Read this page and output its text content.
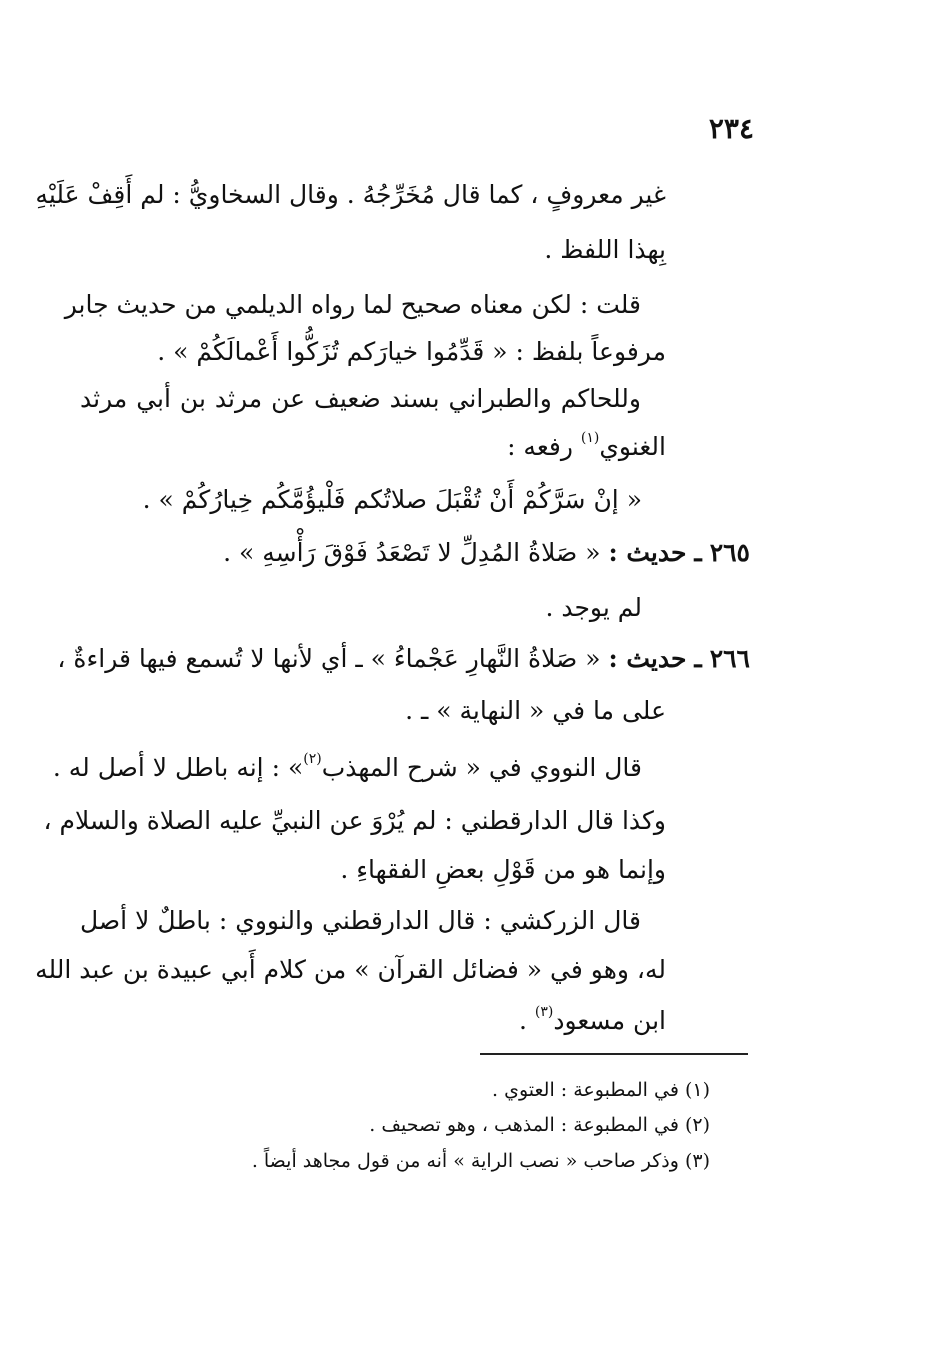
٢٣٤
غير معروفٍ ، كما قال مُخَرِّجُهُ . وقال السخاويُّ : لم أَقِفْ عَلَيْهِ
بِهذا اللفظ .
قلت : لكن معناه صحيح لما رواه الديلمي من حديث جابر
مرفوعاً بلفظ : « قَدِّمُوا خيارَكم تُزَكُّوا أَعْمالَكُمْ » .
وللحاكم والطبراني بسند ضعيف عن مرثد بن أبي مرثد
الغنوي$^{(١)}$ رفعه :
« إنْ سَرَّكُمْ أَنْ تُقْبَلَ صلاتُكم فَلْيؤُمَّكُم خِيارُكُمْ » .
٢٦٥ ـ حديث : « صَلاةُ المُدِلِّ لا تَصْعَدُ فَوْقَ رَأْسِهِ » .
لم يوجد .
٢٦٦ ـ حديث : « صَلاةُ النَّهارِ عَجْماءُ » ـ أي لأنها لا تُسمع فيها قراءةٌ ،
على ما في « النهاية » ـ .
قال النووي في « شرح المهذب$^{(٢)}$» : إنه باطل لا أصل له .
وكذا قال الدارقطني : لم يُرْوَ عن النبيِّ عليه الصلاة والسلام ،
وإنما هو من قَوْلِ بعضِ الفقهاءِ .
قال الزركشي : قال الدارقطني والنووي : باطلٌ لا أصل
له، وهو في « فضائل القرآن » من كلام أَبي عبيدة بن عبد الله
ابن مسعود$^{(٣)}$ .
(١) في المطبوعة : العتوي .
(٢) في المطبوعة : المذهب ، وهو تصحيف .
(٣) وذكر صاحب « نصب الراية » أنه من قول مجاهد أيضاً .
